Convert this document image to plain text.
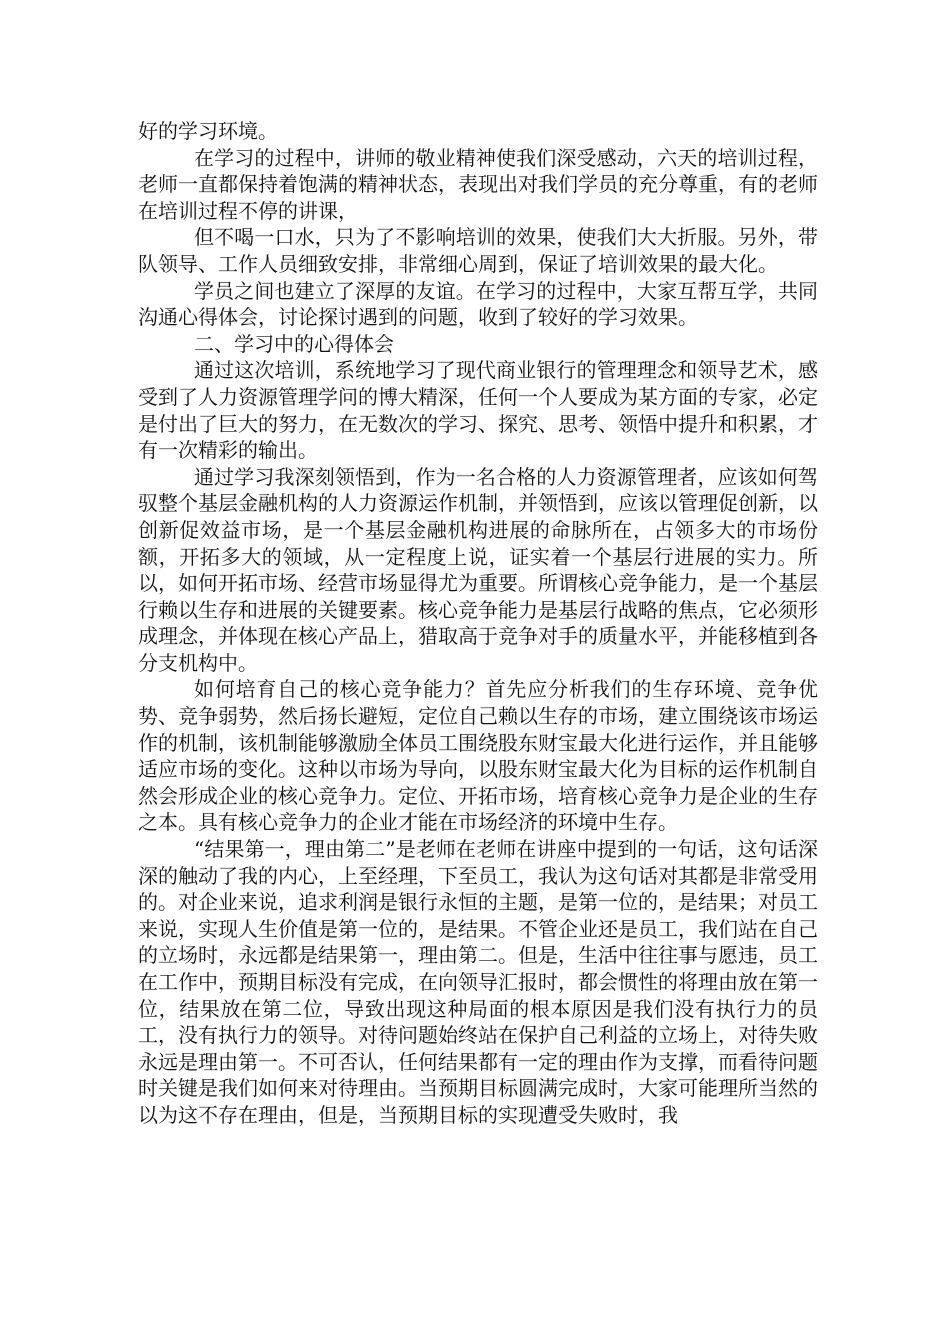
好的学习环境。

在学习的过程中，讲师的敬业精神使我们深受感动，六天的培训过程，老师一直都保持着饱满的精神状态，表现出对我们学员的充分尊重，有的老师在培训过程不停的讲课，

但不喝一口水，只为了不影响培训的效果，使我们大大折服。另外，带队领导、工作人员细致安排，非常细心周到，保证了培训效果的最大化。

学员之间也建立了深厚的友谊。在学习的过程中，大家互帮互学，共同沟通心得体会，讨论探讨遇到的问题，收到了较好的学习效果。

二、学习中的心得体会

通过这次培训，系统地学习了现代商业银行的管理理念和领导艺术，感受到了人力资源管理学问的博大精深，任何一个人要成为某方面的专家，必定是付出了巨大的努力，在无数次的学习、探究、思考、领悟中提升和积累，才有一次精彩的输出。

通过学习我深刻领悟到，作为一名合格的人力资源管理者，应该如何驾驭整个基层金融机构的人力资源运作机制，并领悟到，应该以管理促创新，以创新促效益市场，是一个基层金融机构进展的命脉所在，占领多大的市场份额，开拓多大的领域，从一定程度上说，证实着一个基层行进展的实力。所以，如何开拓市场、经营市场显得尤为重要。所谓核心竞争能力，是一个基层行赖以生存和进展的关键要素。核心竞争能力是基层行战略的焦点，它必须形成理念，并体现在核心产品上，猎取高于竞争对手的质量水平，并能移植到各分支机构中。

如何培育自己的核心竞争能力？首先应分析我们的生存环境、竞争优势、竞争弱势，然后扬长避短，定位自己赖以生存的市场，建立围绕该市场运作的机制，该机制能够激励全体员工围绕股东财宝最大化进行运作，并且能够适应市场的变化。这种以市场为导向，以股东财宝最大化为目标的运作机制自然会形成企业的核心竞争力。定位、开拓市场，培育核心竞争力是企业的生存之本。具有核心竞争力的企业才能在市场经济的环境中生存。

“结果第一，理由第二”是老师在老师在讲座中提到的一句话，这句话深深的触动了我的内心，上至经理，下至员工，我认为这句话对其都是非常受用的。对企业来说，追求利润是银行永恒的主题，是第一位的，是结果；对员工来说，实现人生价值是第一位的，是结果。不管企业还是员工，我们站在自己的立场时，永远都是结果第一，理由第二。但是，生活中往往事与愿违，员工在工作中，预期目标没有完成，在向领导汇报时，都会惯性的将理由放在第一位，结果放在第二位，导致出现这种局面的根本原因是我们没有执行力的员工，没有执行力的领导。对待问题始终站在保护自己利益的立场上，对待失败永远是理由第一。不可否认，任何结果都有一定的理由作为支撑，而看待问题时关键是我们如何来对待理由。当预期目标圆满完成时，大家可能理所当然的以为这不存在理由，但是，当预期目标的实现遭受失败时，我
